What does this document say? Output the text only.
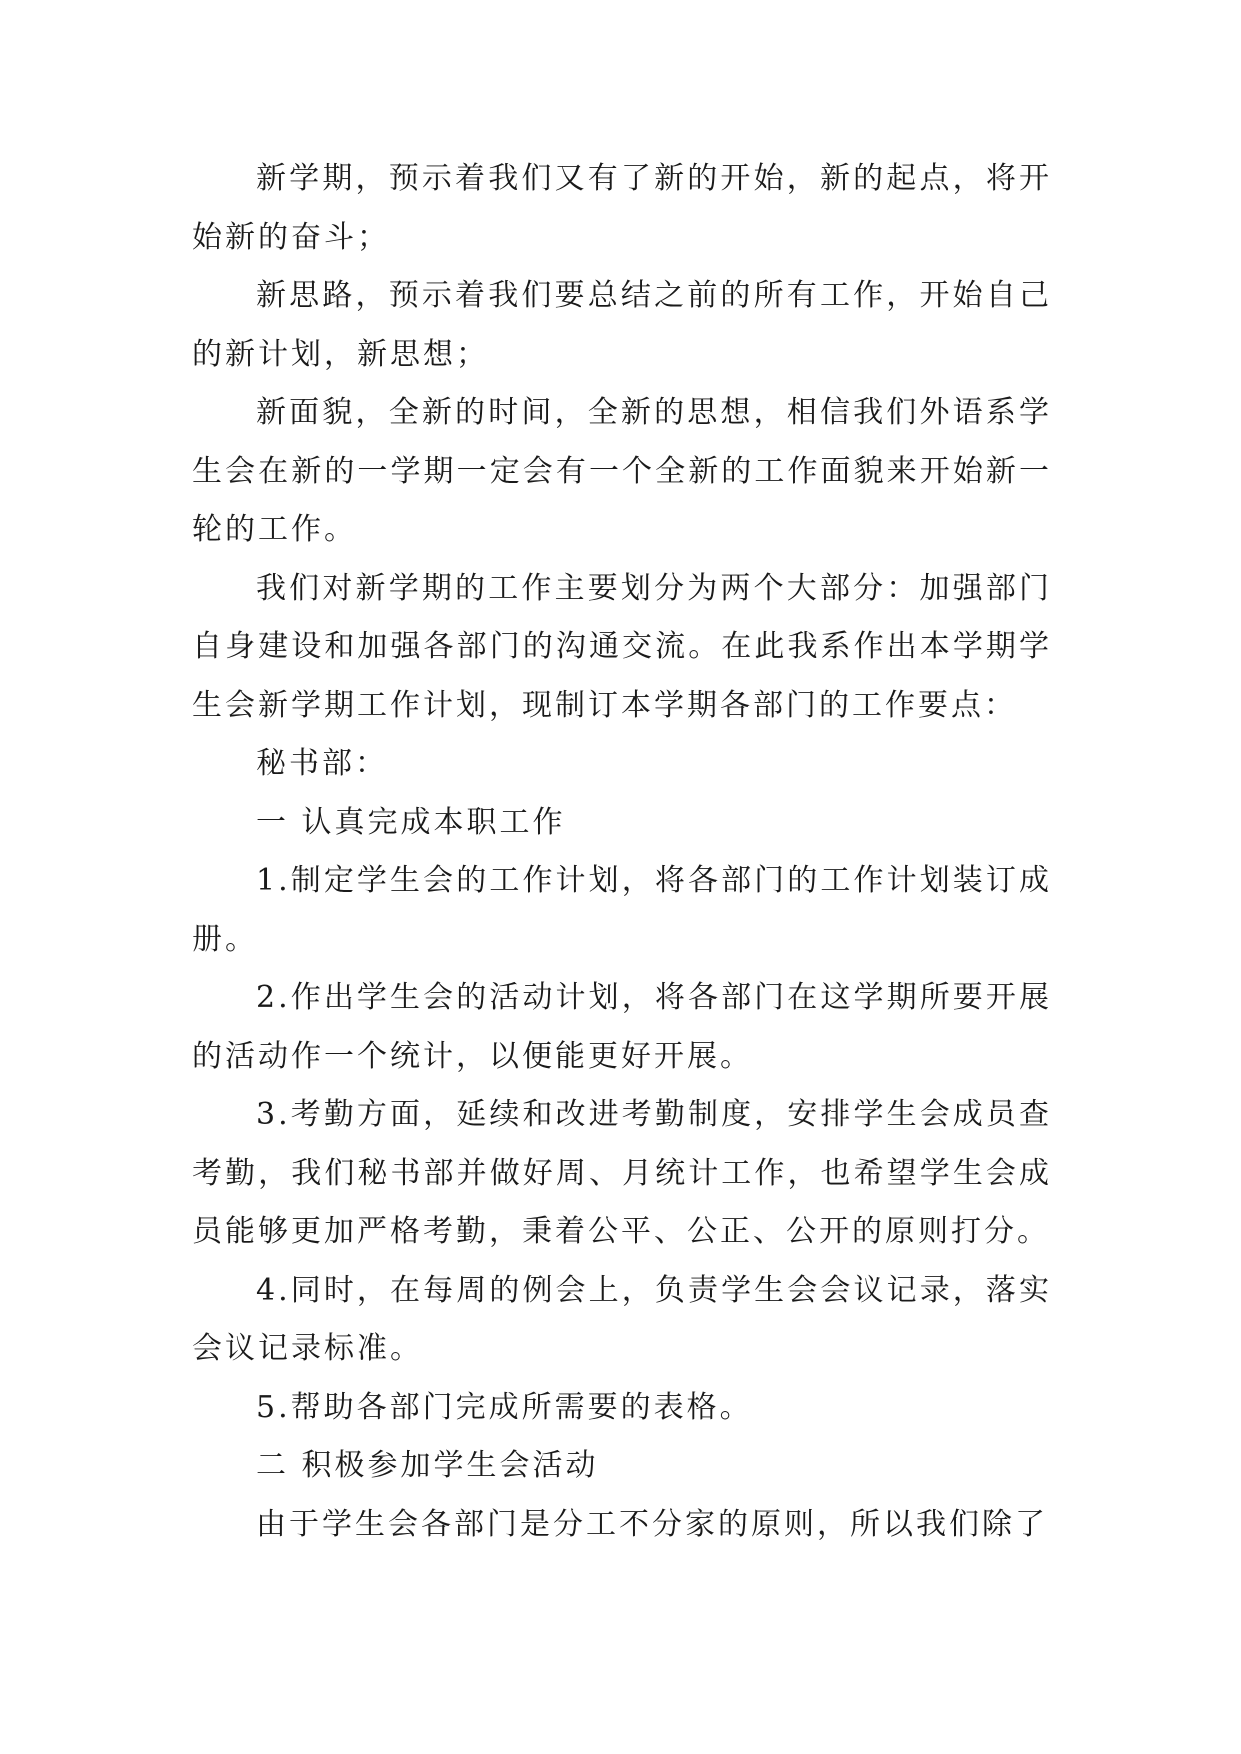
新学期，预示着我们又有了新的开始，新的起点，将开始新的奋斗；

新思路，预示着我们要总结之前的所有工作，开始自己的新计划，新思想；

新面貌，全新的时间，全新的思想，相信我们外语系学生会在新的一学期一定会有一个全新的工作面貌来开始新一轮的工作。

我们对新学期的工作主要划分为两个大部分：加强部门自身建设和加强各部门的沟通交流。在此我系作出本学期学生会新学期工作计划，现制订本学期各部门的工作要点：

秘书部：

一 认真完成本职工作

1.制定学生会的工作计划，将各部门的工作计划装订成册。

2.作出学生会的活动计划，将各部门在这学期所要开展的活动作一个统计，以便能更好开展。

3.考勤方面，延续和改进考勤制度，安排学生会成员查考勤，我们秘书部并做好周、月统计工作，也希望学生会成员能够更加严格考勤，秉着公平、公正、公开的原则打分。

4.同时，在每周的例会上，负责学生会会议记录，落实会议记录标准。

5.帮助各部门完成所需要的表格。

二 积极参加学生会活动

由于学生会各部门是分工不分家的原则，所以我们除了
